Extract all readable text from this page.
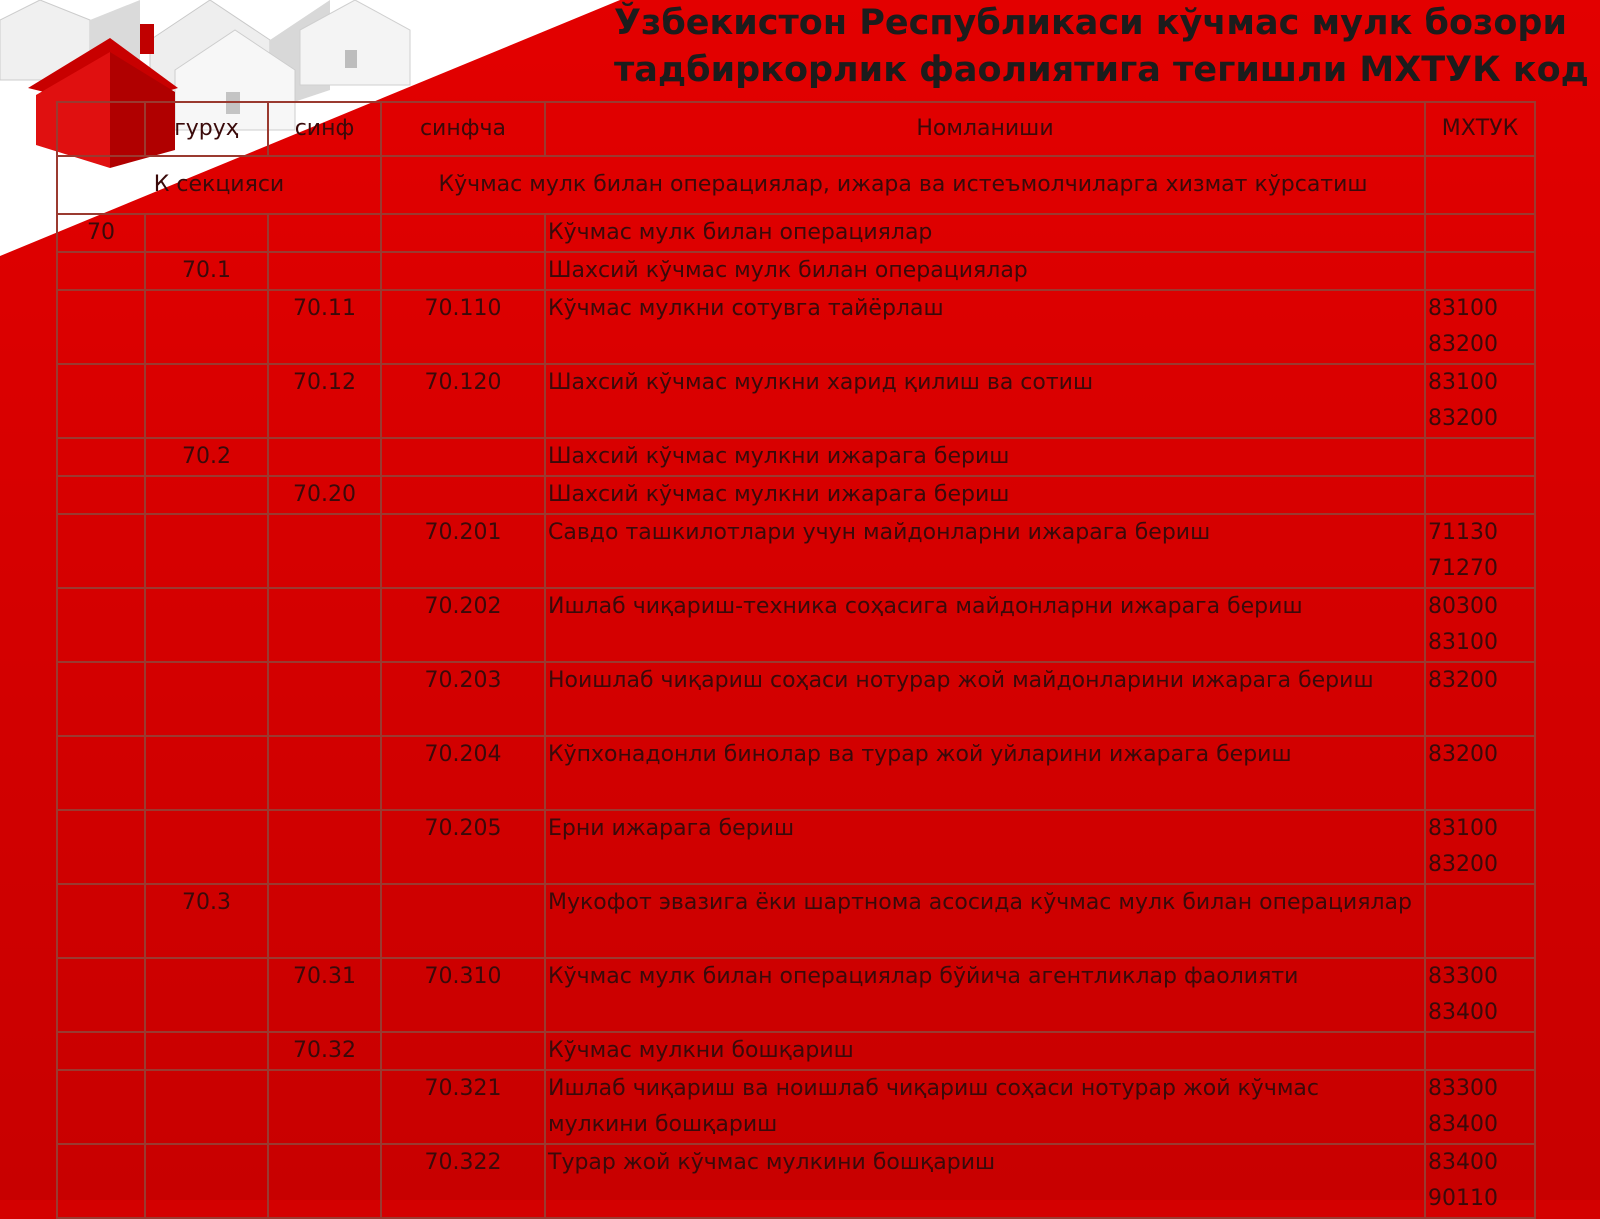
Ўзбекистон Республикаси кўчмас мулк бозори
тадбиркорлик фаолиятига тегишли МХТУК код
	гуруҳ	синф	синфча	Номланиши	МХТУК
К секцияси			Кўчмас мулк билан операциялар, ижара ва истеъмолчиларга хизмат кўрсатиш		
70				Кўчмас мулк билан операциялар	
	70.1			Шахсий кўчмас мулк билан операциялар	
		70.11	70.110	Кўчмас мулкни сотувга тайёрлаш	83100
83200

		70.12	70.120	Шахсий кўчмас мулкни харид қилиш ва сотиш	83100
83200

	70.2			Шахсий кўчмас мулкни ижарага бериш	
		70.20		Шахсий кўчмас мулкни ижарага бериш	
			70.201	Савдо ташкилотлари учун майдонларни ижарага бериш	71130
71270

			70.202	Ишлаб чиқариш-техника соҳасига майдонларни ижарага бериш	80300
83100

			70.203	Ноишлаб чиқариш соҳаси нотурар жой майдонларини ижарага бериш	83200

			70.204	Кўпхонадонли бинолар ва турар жой уйларини ижарага бериш	83200

			70.205	Ерни ижарага бериш	83100
83200

	70.3			Мукофот эвазига ёки шартнома асосида кўчмас мулк билан операциялар	
		70.31	70.310	Кўчмас мулк билан операциялар бўйича агентликлар фаолияти	83300
83400

		70.32		Кўчмас мулкни бошқариш	
			70.321	Ишлаб чиқариш ва ноишлаб чиқариш соҳаси нотурар жой кўчмас мулкини бошқариш	83300
83400

			70.322	Турар жой кўчмас мулкини бошқариш	83400
90110
